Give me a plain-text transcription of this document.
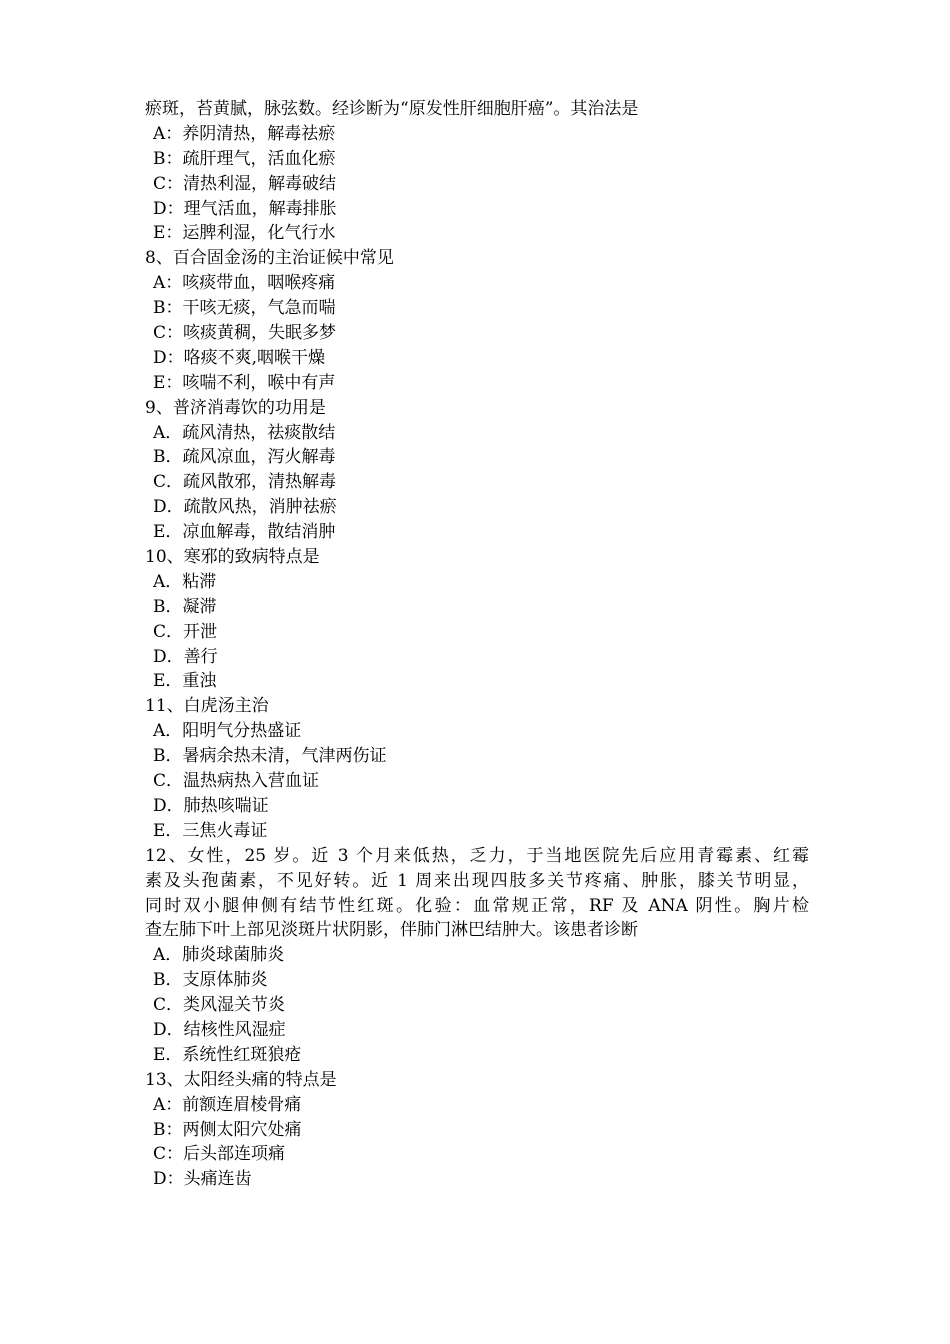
瘀斑，苔黄腻，脉弦数。经诊断为“原发性肝细胞肝癌”。其治法是
A：养阴清热，解毒祛瘀
B：疏肝理气，活血化瘀
C：清热利湿，解毒破结
D：理气活血，解毒排胀
E：运脾利湿，化气行水
8、百合固金汤的主治证候中常见
A：咳痰带血，咽喉疼痛
B：干咳无痰，气急而喘
C：咳痰黄稠，失眠多梦
D：咯痰不爽,咽喉干燥
E：咳喘不利，喉中有声
9、普济消毒饮的功用是
A．疏风清热，祛痰散结
B．疏风凉血，泻火解毒
C．疏风散邪，清热解毒
D．疏散风热，消肿祛瘀
E．凉血解毒，散结消肿
10、寒邪的致病特点是
A．粘滞
B．凝滞
C．开泄
D．善行
E．重浊
11、白虎汤主治
A．阳明气分热盛证
B．暑病余热未清，气津两伤证
C．温热病热入营血证
D．肺热咳喘证
E．三焦火毒证
12、女性，25 岁。近 3 个月来低热，乏力，于当地医院先后应用青霉素、红霉
素及头孢菌素，不见好转。近 1 周来出现四肢多关节疼痛、肿胀，膝关节明显，
同时双小腿伸侧有结节性红斑。化验：血常规正常，RF 及 ANA 阴性。胸片检
查左肺下叶上部见淡斑片状阴影，伴肺门淋巴结肿大。该患者诊断
A．肺炎球菌肺炎
B．支原体肺炎
C．类风湿关节炎
D．结核性风湿症
E．系统性红斑狼疮
13、太阳经头痛的特点是
A：前额连眉棱骨痛
B：两侧太阳穴处痛
C：后头部连项痛
D：头痛连齿
